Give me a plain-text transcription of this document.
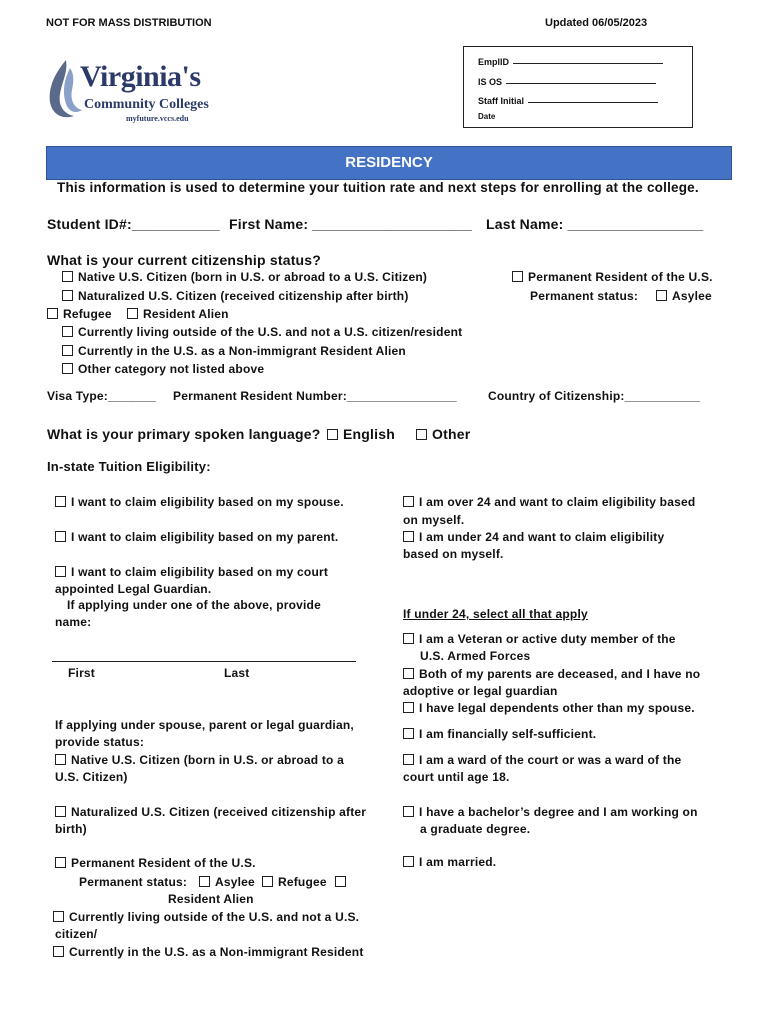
NOT FOR MASS DISTRIBUTION	Updated 06/05/2023
Virginia's
Community Colleges
myfuture.vccs.edu
EmplID
IS OS
Staff Initial
Date
RESIDENCY
This information is used to determine your tuition rate and next steps for enrolling at the college.
Student ID#:___________ First Name: ____________________ Last Name: _________________
What is your current citizenship status?
Native U.S. Citizen (born in U.S. or abroad to a U.S. Citizen)
Naturalized U.S. Citizen (received citizenship after birth)
Refugee	Resident Alien
Currently living outside of the U.S. and not a U.S. citizen/resident
Currently in the U.S. as a Non-immigrant Resident Alien
Other category not listed above
Permanent Resident of the U.S.
Permanent status:	Asylee
Visa Type:_______ Permanent Resident Number:________________	Country of Citizenship:___________
What is your primary spoken language?	English	Other
In-state Tuition Eligibility:
I want to claim eligibility based on my spouse.
I want to claim eligibility based on my parent.
I want to claim eligibility based on my court
appointed Legal Guardian.
If applying under one of the above, provide
name:
First	Last
I am over 24 and want to claim eligibility based
on myself.
I am under 24 and want to claim eligibility
based on myself.
If under 24, select all that apply
I am a Veteran or active duty member of the
U.S. Armed Forces
Both of my parents are deceased, and I have no
adoptive or legal guardian
I have legal dependents other than my spouse.
I am financially self-sufficient.
I am a ward of the court or was a ward of the
court until age 18.
I have a bachelor’s degree and I am working on
a graduate degree.
I am married.
If applying under spouse, parent or legal guardian,
provide status:
Native U.S. Citizen (born in U.S. or abroad to a
U.S. Citizen)
Naturalized U.S. Citizen (received citizenship after
birth)
Permanent Resident of the U.S.
Permanent status:	Asylee	Refugee
Resident Alien
Currently living outside of the U.S. and not a U.S.
citizen/
Currently in the U.S. as a Non-immigrant Resident
